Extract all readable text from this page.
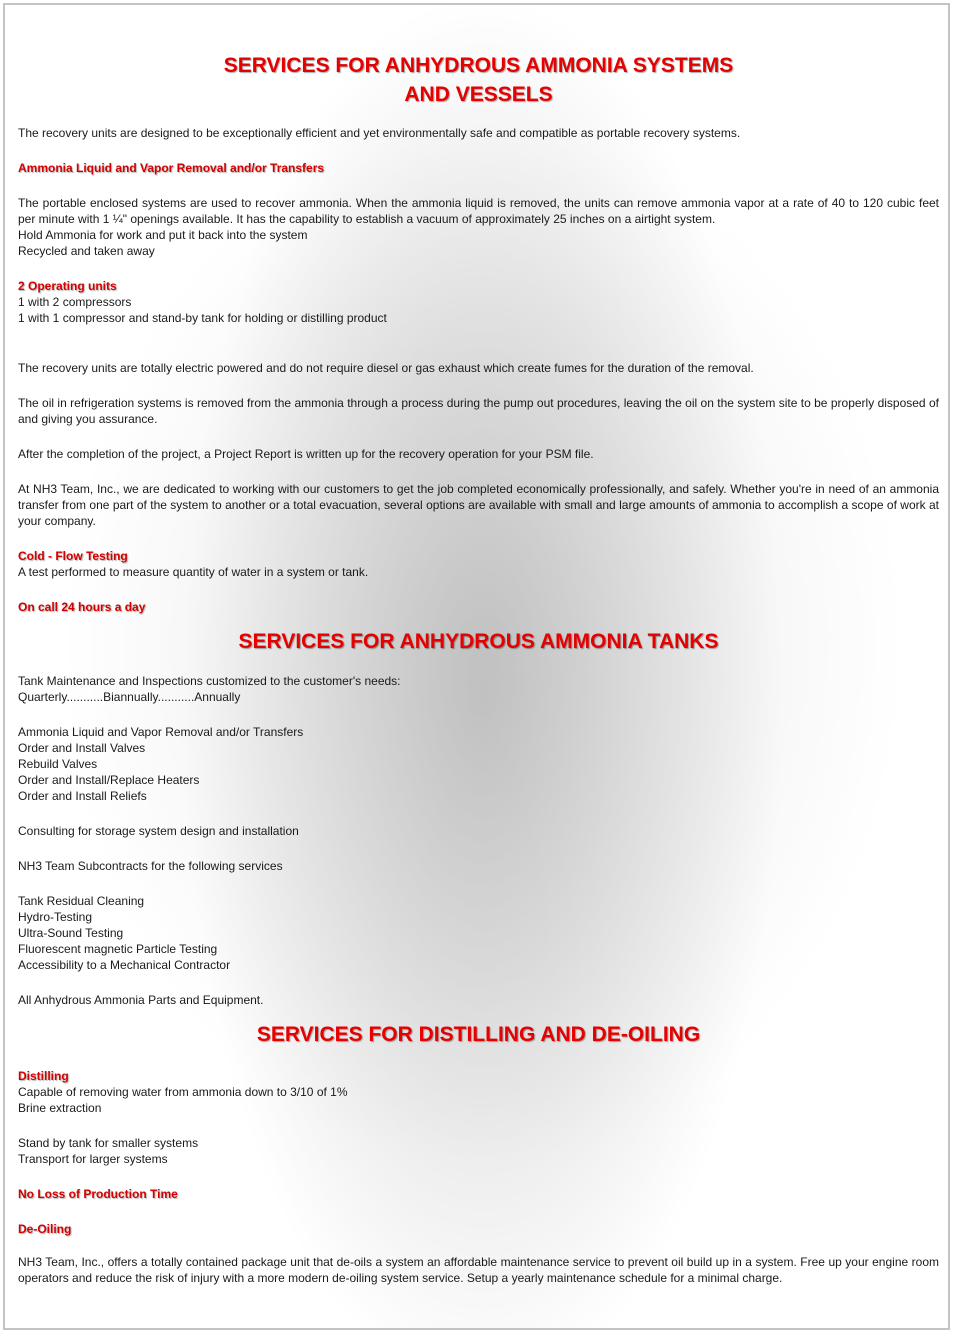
SERVICES FOR ANHYDROUS AMMONIA SYSTEMS
AND VESSELS

The recovery units are designed to be exceptionally efficient and yet environmentally safe and compatible as portable recovery systems.

Ammonia Liquid and Vapor Removal and/or Transfers

The portable enclosed systems are used to recover ammonia. When the ammonia liquid is removed, the units can remove ammonia vapor at a rate of 40 to 120 cubic feet per minute with 1 ¼" openings available. It has the capability to establish a vacuum of approximately 25 inches on a airtight system.

Hold Ammonia for work and put it back into the system

Recycled and taken away

2 Operating units

1 with 2 compressors

1 with 1 compressor and stand-by tank for holding or distilling product

The recovery units are totally electric powered and do not require diesel or gas exhaust which create fumes for the duration of the removal.

The oil in refrigeration systems is removed from the ammonia through a process during the pump out procedures, leaving the oil on the system site to be properly disposed of and giving you assurance.

After the completion of the project, a Project Report is written up for the recovery operation for your PSM file.

At NH3 Team, Inc., we are dedicated to working with our customers to get the job completed economically professionally, and safely. Whether you're in need of an ammonia transfer from one part of the system to another or a total evacuation, several options are available with small and large amounts of ammonia to accomplish a scope of work at your company.

Cold - Flow Testing

A test performed to measure quantity of water in a system or tank.

On call 24 hours a day

SERVICES FOR ANHYDROUS AMMONIA TANKS

Tank Maintenance and Inspections customized to the customer's needs:

Quarterly...........Biannually...........Annually

Ammonia Liquid and Vapor Removal and/or Transfers

Order and Install Valves

Rebuild Valves

Order and Install/Replace Heaters

Order and Install Reliefs

Consulting for storage system design and installation

NH3 Team Subcontracts for the following services

Tank Residual Cleaning

Hydro-Testing

Ultra-Sound Testing

Fluorescent magnetic Particle Testing

Accessibility to a Mechanical Contractor

All Anhydrous Ammonia Parts and Equipment.

SERVICES FOR DISTILLING AND DE-OILING

Distilling

Capable of removing water from ammonia down to 3/10 of 1%

Brine extraction

Stand by tank for smaller systems

Transport for larger systems

No Loss of Production Time

De-Oiling

NH3 Team, Inc., offers a totally contained package unit that de-oils a system an affordable maintenance service to prevent oil build up in a system. Free up your engine room operators and reduce the risk of injury with a more modern de-oiling system service. Setup a yearly maintenance schedule for a minimal charge.
